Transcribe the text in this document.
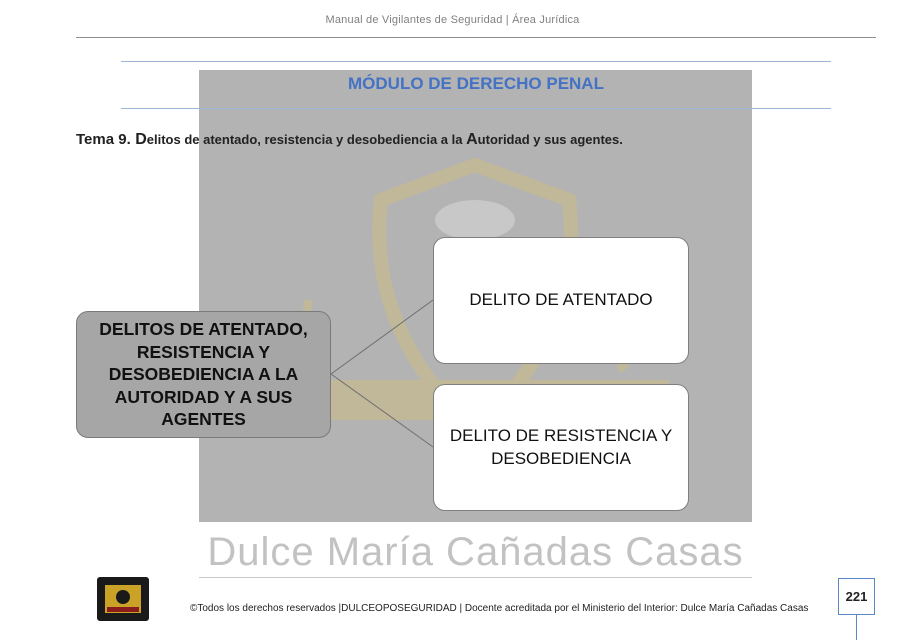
Manual de Vigilantes de Seguridad | Área Jurídica
Dulce María Cañadas Casas
MÓDULO DE DERECHO PENAL
Tema 9. Delitos de atentado, resistencia y desobediencia a la Autoridad y sus agentes.
DELITOS DE ATENTADO, RESISTENCIA Y DESOBEDIENCIA A LA AUTORIDAD Y A SUS AGENTES
DELITO DE ATENTADO
DELITO DE RESISTENCIA Y DESOBEDIENCIA
©Todos los derechos reservados |DULCEOPOSEGURIDAD | Docente acreditada por el Ministerio del Interior: Dulce María Cañadas Casas
221
